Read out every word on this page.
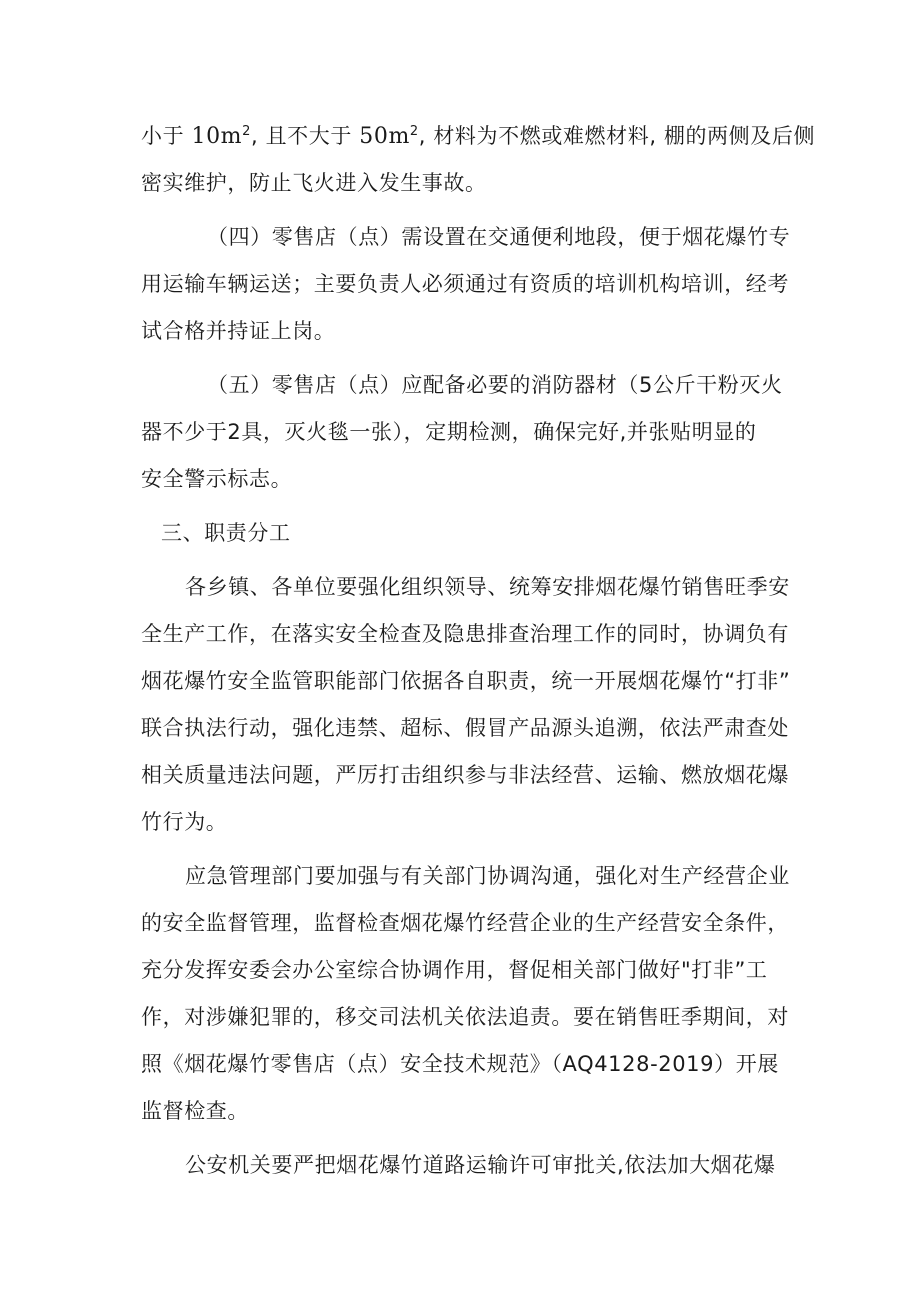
小于 $10m^2$, 且不大于 $50m^2$, 材料为不燃或难燃材料, 棚的两侧及后侧
密实维护，防止飞火进入发生事故。
（四）零售店（点）需设置在交通便利地段，便于烟花爆竹专
用运输车辆运送；主要负责人必须通过有资质的培训机构培训，经考
试合格并持证上岗。
（五）零售店（点）应配备必要的消防器材（5公斤干粉灭火
器不少于2具，灭火毯一张），定期检测，确保完好,并张贴明显的
安全警示标志。
三、职责分工
各乡镇、各单位要强化组织领导、统筹安排烟花爆竹销售旺季安
全生产工作，在落实安全检查及隐患排查治理工作的同时，协调负有
烟花爆竹安全监管职能部门依据各自职责，统一开展烟花爆竹“打非”
联合执法行动，强化违禁、超标、假冒产品源头追溯，依法严肃查处
相关质量违法问题，严厉打击组织参与非法经营、运输、燃放烟花爆
竹行为。
应急管理部门要加强与有关部门协调沟通，强化对生产经营企业
的安全监督管理，监督检查烟花爆竹经营企业的生产经营安全条件，
充分发挥安委会办公室综合协调作用，督促相关部门做好"打非”工
作，对涉嫌犯罪的，移交司法机关依法追责。要在销售旺季期间，对
照《烟花爆竹零售店（点）安全技术规范》（AQ4128-2019）开展
监督检查。
公安机关要严把烟花爆竹道路运输许可审批关,依法加大烟花爆
